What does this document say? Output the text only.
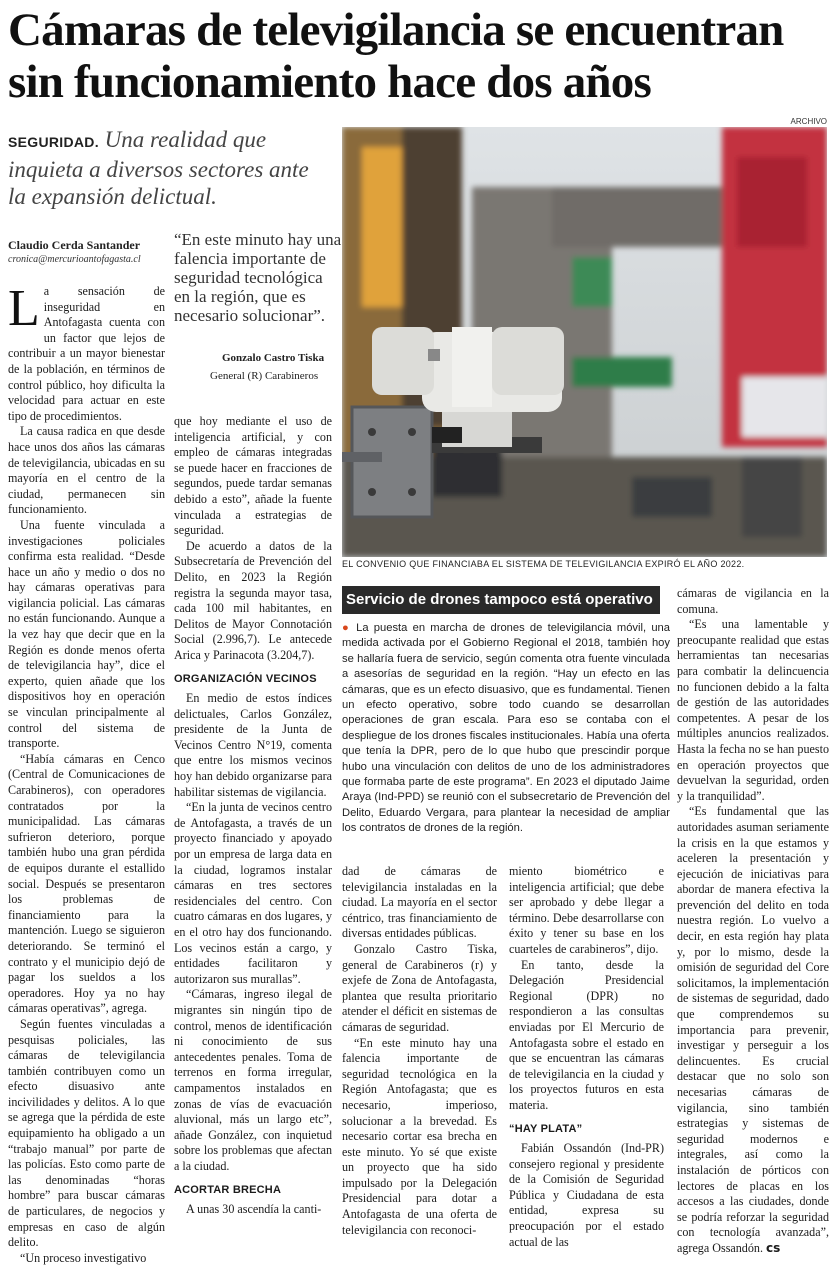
Cámaras de televigilancia se encuentran sin funcionamiento hace dos años
ARCHIVO
SEGURIDAD. Una realidad que inquieta a diversos sectores ante la expansión delictual.
Claudio Cerda Santander
cronica@mercurioantofagasta.cl
“En este minuto hay una falencia importante de seguridad tecnológica en la región, que es necesario solucionar”.
Gonzalo Castro Tiska
General (R) Carabineros

La sensación de inseguridad en Antofagasta cuenta con un factor que lejos de contribuir a un mayor bienestar de la población, en términos de control público, hoy dificulta la velocidad para actuar en este tipo de procedimientos.

La causa radica en que desde hace unos dos años las cámaras de televigilancia, ubicadas en su mayoría en el centro de la ciudad, permanecen sin funcionamiento.

Una fuente vinculada a investigaciones policiales confirma esta realidad. “Desde hace un año y medio o dos no hay cámaras operativas para vigilancia policial. Las cámaras no están funcionando. Aunque a la vez hay que decir que en la Región es donde menos oferta de televigilancia hay”, dice el experto, quien añade que los dispositivos hoy en operación se vinculan principalmente al control del sistema de transporte.

“Había cámaras en Cenco (Central de Comunicaciones de Carabineros), con operadores contratados por la municipalidad. Las cámaras sufrieron deterioro, porque también hubo una gran pérdida de equipos durante el estallido social. Después se presentaron los problemas de financiamiento para la mantención. Luego se siguieron deteriorando. Se terminó el contrato y el municipio dejó de pagar los sueldos a los operadores. Hoy ya no hay cámaras operativas”, agrega.

Según fuentes vinculadas a pesquisas policiales, las cámaras de televigilancia también contribuyen como un efecto disuasivo ante incivilidades y delitos. A lo que se agrega que la pérdida de este equipamiento ha obligado a un “trabajo manual” por parte de las policías. Esto como parte de las denominadas “horas hombre” para buscar cámaras de particulares, de negocios y empresas en caso de algún delito.

“Un proceso investigativo

que hoy mediante el uso de inteligencia artificial, y con empleo de cámaras integradas se puede hacer en fracciones de segundos, puede tardar semanas debido a esto”, añade la fuente vinculada a estrategias de seguridad.

De acuerdo a datos de la Subsecretaría de Prevención del Delito, en 2023 la Región registra la segunda mayor tasa, cada 100 mil habitantes, en Delitos de Mayor Connotación Social (2.996,7). Le antecede Arica y Parinacota (3.204,7).

ORGANIZACIÓN VECINOS

En medio de estos índices delictuales, Carlos González, presidente de la Junta de Vecinos Centro N°19, comenta que entre los mismos vecinos hoy han debido organizarse para habilitar sistemas de vigilancia.

“En la junta de vecinos centro de Antofagasta, a través de un proyecto financiado y apoyado por un empresa de larga data en la ciudad, logramos instalar cámaras en tres sectores residenciales del centro. Con cuatro cámaras en dos lugares, y en el otro hay dos funcionando. Los vecinos están a cargo, y entidades facilitaron y autorizaron sus murallas”.

“Cámaras, ingreso ilegal de migrantes sin ningún tipo de control, menos de identificación ni conocimiento de sus antecedentes penales. Toma de terrenos en forma irregular, campamentos instalados en zonas de vías de evacuación aluvional, más un largo etc”, añade González, con inquietud sobre los problemas que afectan a la ciudad.

ACORTAR BRECHA

A unas 30 ascendía la canti-

EL CONVENIO QUE FINANCIABA EL SISTEMA DE TELEVIGILANCIA EXPIRÓ EL AÑO 2022.
Servicio de drones tampoco está operativo
● La puesta en marcha de drones de televigilancia móvil, una medida activada por el Gobierno Regional el 2018, también hoy se hallaría fuera de servicio, según comenta otra fuente vinculada a asesorías de seguridad en la región. “Hay un efecto en las cámaras, que es un efecto disuasivo, que es fundamental. Tienen un efecto operativo, sobre todo cuando se desarrollan operaciones de gran escala. Para eso se contaba con el despliegue de los drones fiscales institucionales. Había una oferta que tenía la DPR, pero de lo que hubo que prescindir porque hubo una vinculación con delitos de uno de los administradores que formaba parte de este programa”. En 2023 el diputado Jaime Araya (Ind-PPD) se reunió con el subsecretario de Prevención del Delito, Eduardo Vergara, para plantear la necesidad de ampliar los contratos de drones de la región.

dad de cámaras de televigilancia instaladas en la ciudad. La mayoría en el sector céntrico, tras financiamiento de diversas entidades públicas.

Gonzalo Castro Tiska, general de Carabineros (r) y exjefe de Zona de Antofagasta, plantea que resulta prioritario atender el déficit en sistemas de cámaras de seguridad.

“En este minuto hay una falencia importante de seguridad tecnológica en la Región Antofagasta; que es necesario, imperioso, solucionar a la brevedad. Es necesario cortar esa brecha en este minuto. Yo sé que existe un proyecto que ha sido impulsado por la Delegación Presidencial para dotar a Antofagasta de una oferta de televigilancia con reconoci-

miento biométrico e inteligencia artificial; que debe ser aprobado y debe llegar a término. Debe desarrollarse con éxito y tener su base en los cuarteles de carabineros”, dijo.

En tanto, desde la Delegación Presidencial Regional (DPR) no respondieron a las consultas enviadas por El Mercurio de Antofagasta sobre el estado en que se encuentran las cámaras de televigilancia en la ciudad y los proyectos futuros en esta materia.

“HAY PLATA”

Fabián Ossandón (Ind-PR) consejero regional y presidente de la Comisión de Seguridad Pública y Ciudadana de esta entidad, expresa su preocupación por el estado actual de las

cámaras de vigilancia en la comuna.

“Es una lamentable y preocupante realidad que estas herramientas tan necesarias para combatir la delincuencia no funcionen debido a la falta de gestión de las autoridades competentes. A pesar de los múltiples anuncios realizados. Hasta la fecha no se han puesto en operación proyectos que devuelvan la seguridad, orden y la tranquilidad”.

“Es fundamental que las autoridades asuman seriamente la crisis en la que estamos y aceleren la presentación y ejecución de iniciativas para abordar de manera efectiva la prevención del delito en toda nuestra región. Lo vuelvo a decir, en esta región hay plata y, por lo mismo, desde la omisión de seguridad del Core solicitamos, la implementación de sistemas de seguridad, dado que comprendemos su importancia para prevenir, investigar y perseguir a los delincuentes. Es crucial destacar que no solo son necesarias cámaras de vigilancia, sino también estrategias y sistemas de seguridad modernos e integrales, así como la instalación de pórticos con lectores de placas en los accesos a las ciudades, donde se podría reforzar la seguridad con tecnología avanzada”, agrega Ossandón. cs
